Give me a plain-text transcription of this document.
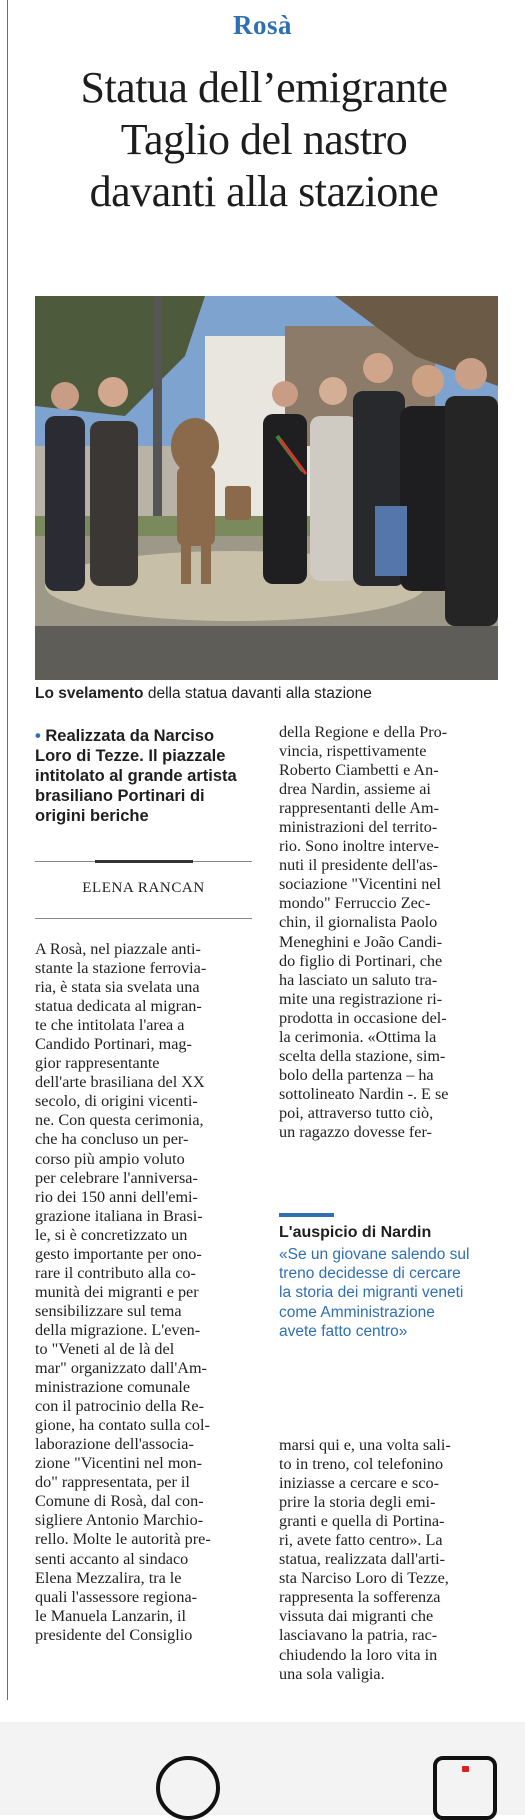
Rosà
Statua dell’emigrante
Taglio del nastro
davanti alla stazione
Lo svelamento della statua davanti alla stazione
• Realizzata da Narciso Loro di Tezze. Il piazzale intitolato al grande artista brasiliano Portinari di origini beriche
ELENA RANCAN
A Rosà, nel piazzale anti-
stante la stazione ferrovia-
ria, è stata sia svelata una
statua dedicata al migran-
te che intitolata l'area a
Candido Portinari, mag-
gior rappresentante
dell'arte brasiliana del XX
secolo, di origini vicenti-
ne. Con questa cerimonia,
che ha concluso un per-
corso più ampio voluto
per celebrare l'anniversa-
rio dei 150 anni dell'emi-
grazione italiana in Brasi-
le, si è concretizzato un
gesto importante per ono-
rare il contributo alla co-
munità dei migranti e per
sensibilizzare sul tema
della migrazione. L'even-
to "Veneti al de là del
mar" organizzato dall'Am-
ministrazione comunale
con il patrocinio della Re-
gione, ha contato sulla col-
laborazione dell'associa-
zione "Vicentini nel mon-
do" rappresentata, per il
Comune di Rosà, dal con-
sigliere Antonio Marchio-
rello. Molte le autorità pre-
senti accanto al sindaco
Elena Mezzalira, tra le
quali l'assessore regiona-
le Manuela Lanzarin, il
presidente del Consiglio
della Regione e della Pro-
vincia, rispettivamente
Roberto Ciambetti e An-
drea Nardin, assieme ai
rappresentanti delle Am-
ministrazioni del territo-
rio. Sono inoltre interve-
nuti il presidente dell'as-
sociazione "Vicentini nel
mondo" Ferruccio Zec-
chin, il giornalista Paolo
Meneghini e João Candi-
do figlio di Portinari, che
ha lasciato un saluto tra-
mite una registrazione ri-
prodotta in occasione del-
la cerimonia. «Ottima la
scelta della stazione, sim-
bolo della partenza – ha
sottolineato Nardin -. E se
poi, attraverso tutto ciò,
un ragazzo dovesse fer-
L'auspicio di Nardin
«Se un giovane salendo sul
treno decidesse di cercare
la storia dei migranti veneti
come Amministrazione
avete fatto centro»
marsi qui e, una volta sali-
to in treno, col telefonino
iniziasse a cercare e sco-
prire la storia degli emi-
granti e quella di Portina-
ri, avete fatto centro». La
statua, realizzata dall'arti-
sta Narciso Loro di Tezze,
rappresenta la sofferenza
vissuta dai migranti che
lasciavano la patria, rac-
chiudendo la loro vita in
una sola valigia.
